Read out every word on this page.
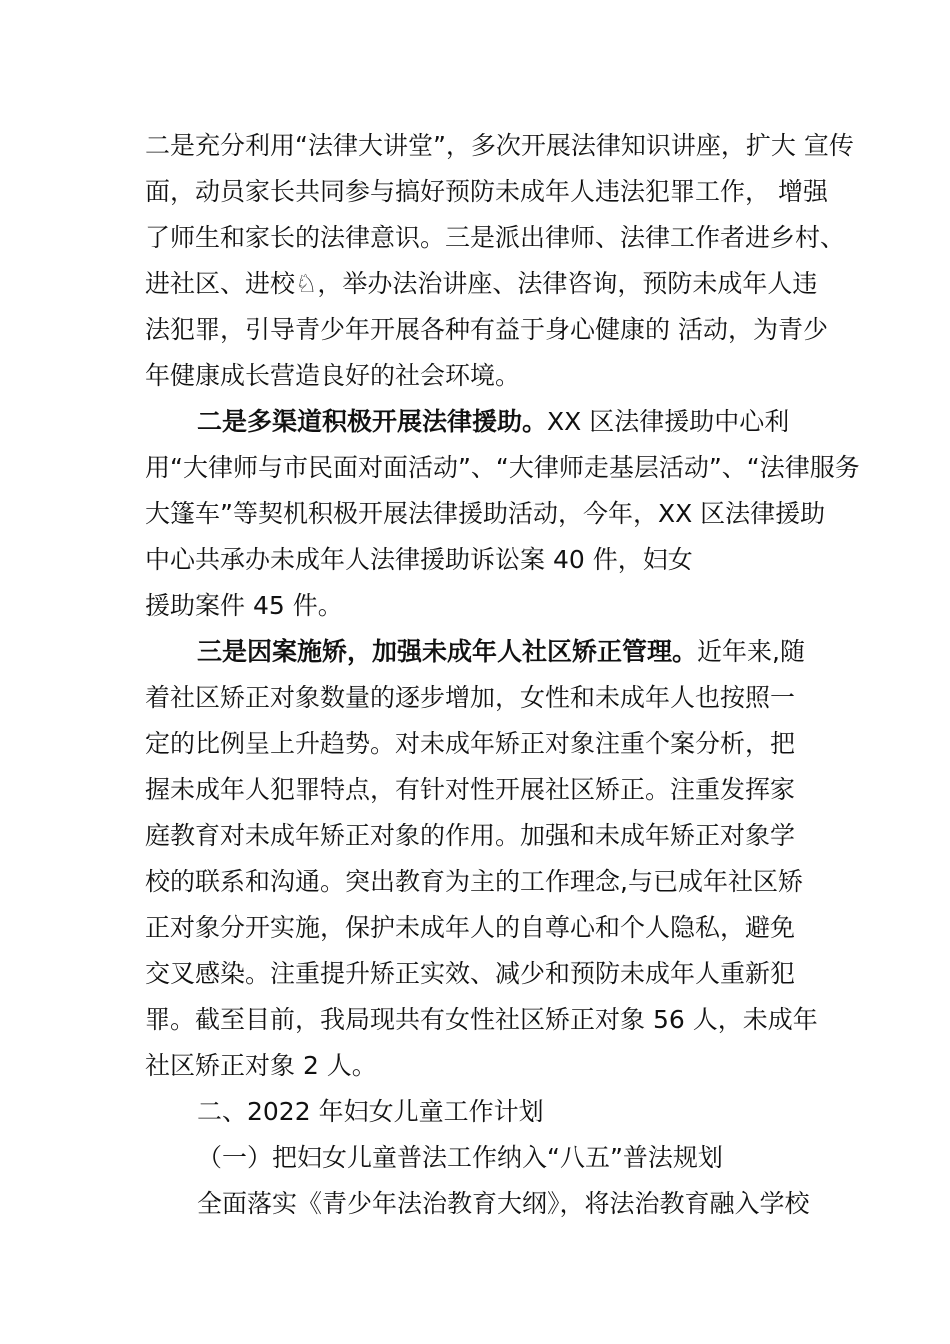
二是充分利用“法律大讲堂”，多次开展法律知识讲座，扩大 宣传
面，动员家长共同参与搞好预防未成年人违法犯罪工作， 增强
了师生和家长的法律意识。三是派出律师、法律工作者进乡村、
进社区、进校♘，举办法治讲座、法律咨询，预防未成年人违
法犯罪，引导青少年开展各种有益于身心健康的 活动，为青少
年健康成长营造良好的社会环境。
二是多渠道积极开展法律援助。XX 区法律援助中心利
用“大律师与市民面对面活动”、“大律师走基层活动”、“法律服务
大篷车”等契机积极开展法律援助活动，今年，XX 区法律援助
中心共承办未成年人法律援助诉讼案 40 件，妇女
援助案件 45 件。
三是因案施矫，加强未成年人社区矫正管理。近年来,随
着社区矫正对象数量的逐步增加，女性和未成年人也按照一
定的比例呈上升趋势。对未成年矫正对象注重个案分析，把
握未成年人犯罪特点，有针对性开展社区矫正。注重发挥家
庭教育对未成年矫正对象的作用。加强和未成年矫正对象学
校的联系和沟通。突出教育为主的工作理念,与已成年社区矫
正对象分开实施，保护未成年人的自尊心和个人隐私，避免
交叉感染。注重提升矫正实效、减少和预防未成年人重新犯
罪。截至目前，我局现共有女性社区矫正对象 56 人，未成年
社区矫正对象 2 人。
二、2022 年妇女儿童工作计划
（一）把妇女儿童普法工作纳入“八五”普法规划
全面落实《青少年法治教育大纲》，将法治教育融入学校
